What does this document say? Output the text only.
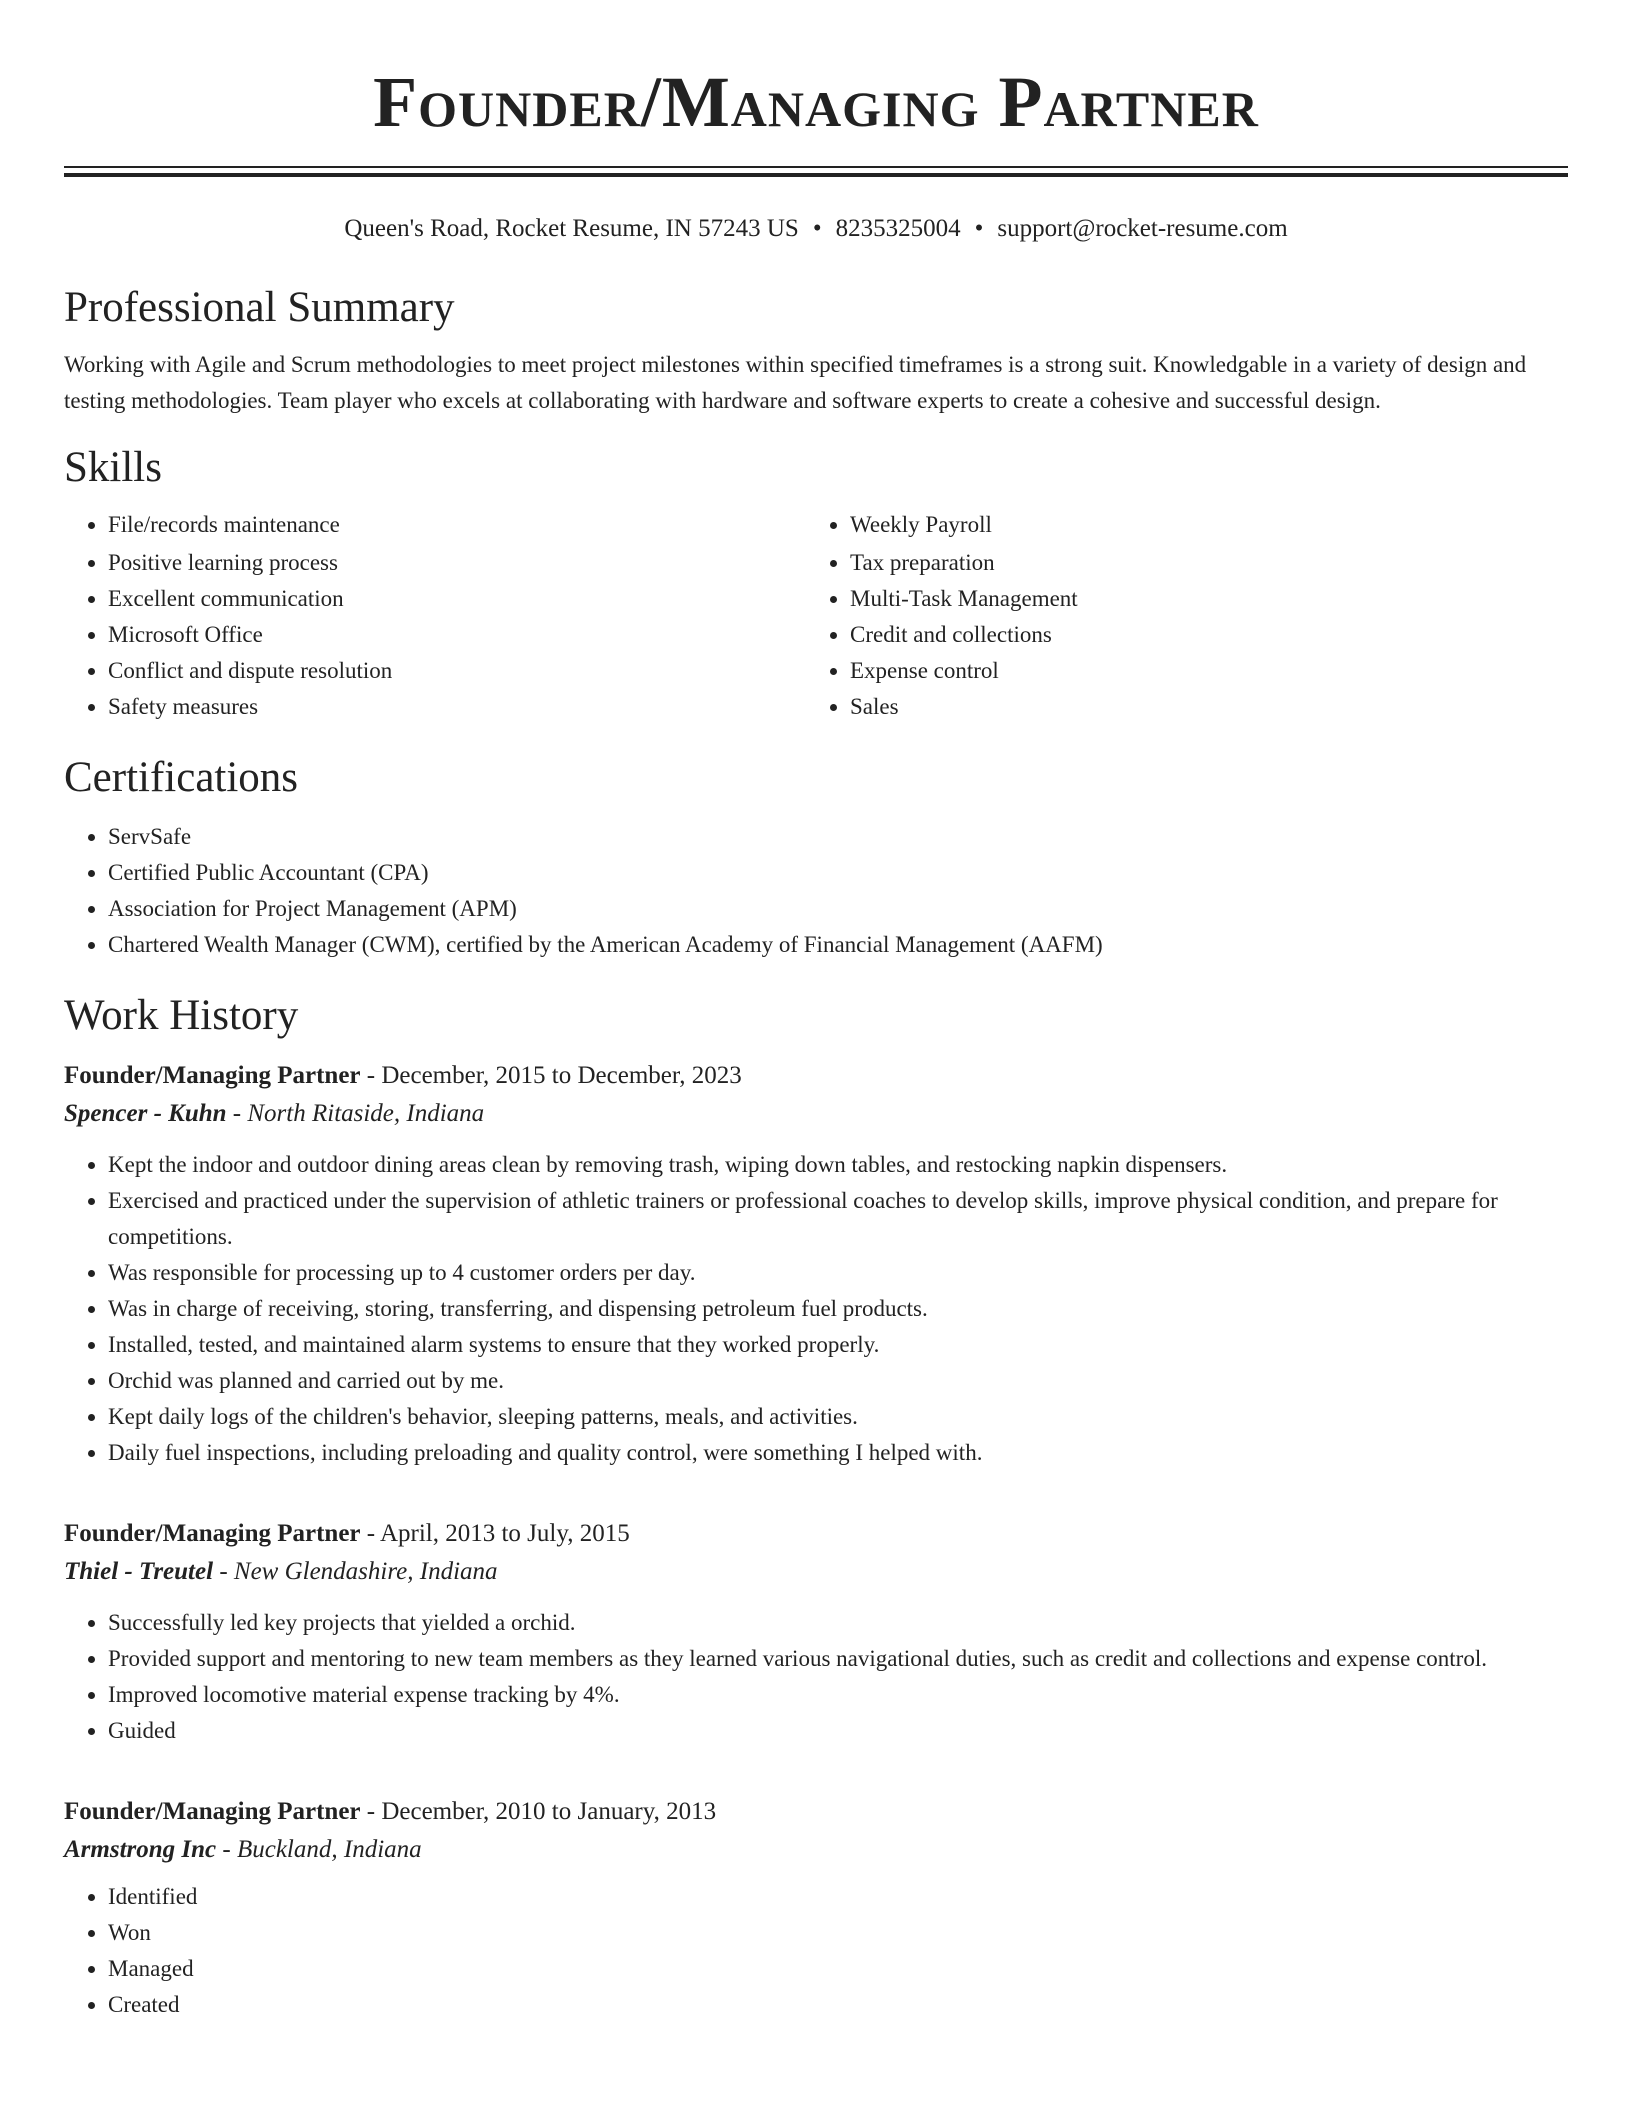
Founder/Managing Partner
Queen's Road, Rocket Resume, IN 57243 US • 8235325004 • support@rocket-resume.com
Professional Summary

Working with Agile and Scrum methodologies to meet project milestones within specified timeframes is a strong suit. Knowledgable in a variety of design and testing methodologies. Team player who excels at collaborating with hardware and software experts to create a cohesive and successful design.

Skills
• File/records maintenance
• Positive learning process
• Excellent communication
• Microsoft Office
• Conflict and dispute resolution
• Safety measures
• Weekly Payroll
• Tax preparation
• Multi-Task Management
• Credit and collections
• Expense control
• Sales
Certifications
• ServSafe
• Certified Public Accountant (CPA)
• Association for Project Management (APM)
• Chartered Wealth Manager (CWM), certified by the American Academy of Financial Management (AAFM)
Work History
Founder/Managing Partner - December, 2015 to December, 2023
Spencer - Kuhn - North Ritaside, Indiana
• Kept the indoor and outdoor dining areas clean by removing trash, wiping down tables, and restocking napkin dispensers.
• Exercised and practiced under the supervision of athletic trainers or professional coaches to develop skills, improve physical condition, and prepare for competitions.
• Was responsible for processing up to 4 customer orders per day.
• Was in charge of receiving, storing, transferring, and dispensing petroleum fuel products.
• Installed, tested, and maintained alarm systems to ensure that they worked properly.
• Orchid was planned and carried out by me.
• Kept daily logs of the children's behavior, sleeping patterns, meals, and activities.
• Daily fuel inspections, including preloading and quality control, were something I helped with.
Founder/Managing Partner - April, 2013 to July, 2015
Thiel - Treutel - New Glendashire, Indiana
• Successfully led key projects that yielded a orchid.
• Provided support and mentoring to new team members as they learned various navigational duties, such as credit and collections and expense control.
• Improved locomotive material expense tracking by 4%.
• Guided
Founder/Managing Partner - December, 2010 to January, 2013
Armstrong Inc - Buckland, Indiana
• Identified
• Won
• Managed
• Created
